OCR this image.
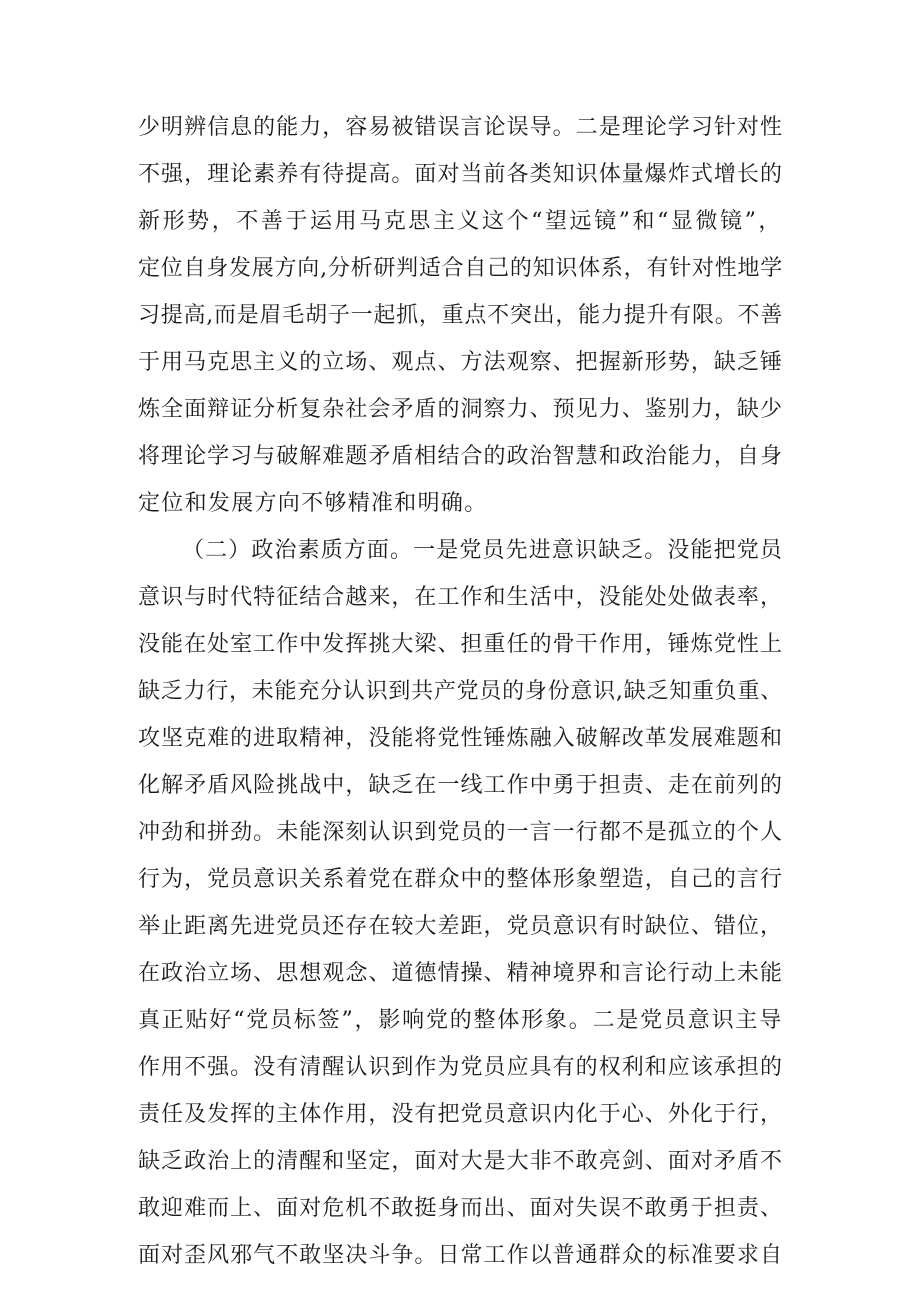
少明辨信息的能力，容易被错误言论误导。二是理论学习针对性
不强，理论素养有待提高。面对当前各类知识体量爆炸式增长的
新形势，不善于运用马克思主义这个“望远镜”和“显微镜”，
定位自身发展方向,分析研判适合自己的知识体系，有针对性地学
习提高,而是眉毛胡子一起抓，重点不突出，能力提升有限。不善
于用马克思主义的立场、观点、方法观察、把握新形势，缺乏锤
炼全面辩证分析复杂社会矛盾的洞察力、预见力、鉴别力，缺少
将理论学习与破解难题矛盾相结合的政治智慧和政治能力，自身
定位和发展方向不够精准和明确。

（二）政治素质方面。一是党员先进意识缺乏。没能把党员
意识与时代特征结合越来，在工作和生活中，没能处处做表率，
没能在处室工作中发挥挑大梁、担重任的骨干作用，锤炼党性上
缺乏力行，未能充分认识到共产党员的身份意识,缺乏知重负重、
攻坚克难的进取精神，没能将党性锤炼融入破解改革发展难题和
化解矛盾风险挑战中，缺乏在一线工作中勇于担责、走在前列的
冲劲和拼劲。未能深刻认识到党员的一言一行都不是孤立的个人
行为，党员意识关系着党在群众中的整体形象塑造，自己的言行
举止距离先进党员还存在较大差距，党员意识有时缺位、错位，
在政治立场、思想观念、道德情操、精神境界和言论行动上未能
真正贴好“党员标签”，影响党的整体形象。二是党员意识主导
作用不强。没有清醒认识到作为党员应具有的权利和应该承担的
责任及发挥的主体作用，没有把党员意识内化于心、外化于行，
缺乏政治上的清醒和坚定，面对大是大非不敢亮剑、面对矛盾不
敢迎难而上、面对危机不敢挺身而出、面对失误不敢勇于担责、
面对歪风邪气不敢坚决斗争。日常工作以普通群众的标准要求自
